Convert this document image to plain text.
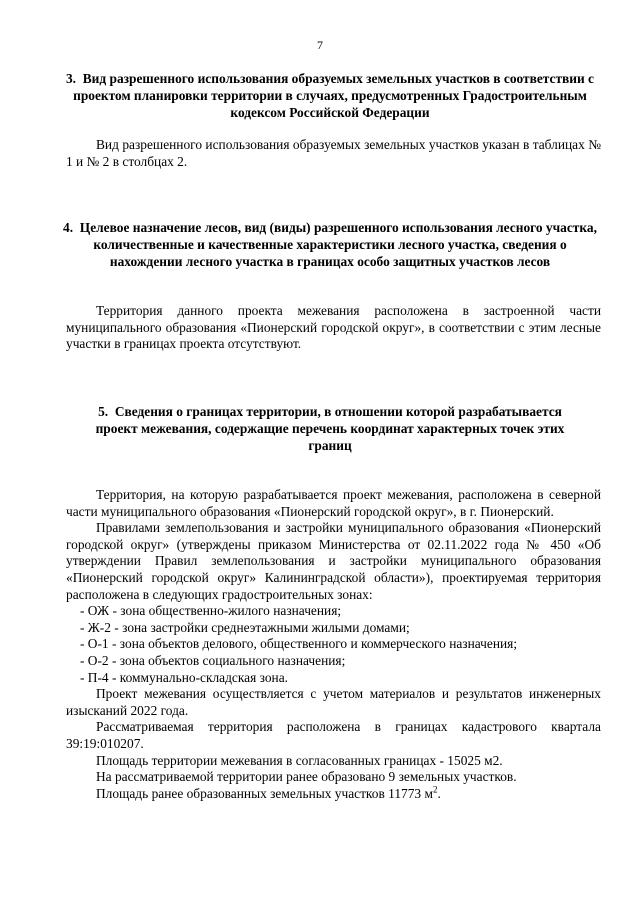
7
3. Вид разрешенного использования образуемых земельных участков в соответствии с проектом планировки территории в случаях, предусмотренных Градостроительным кодексом Российской Федерации

Вид разрешенного использования образуемых земельных участков указан в таблицах № 1 и № 2 в столбцах 2.

4. Целевое назначение лесов, вид (виды) разрешенного использования лесного участка, количественные и качественные характеристики лесного участка, сведения о нахождении лесного участка в границах особо защитных участков лесов

Территория данного проекта межевания расположена в застроенной части муниципального образования «Пионерский городской округ», в соответствии с этим лесные участки в границах проекта отсутствуют.

5. Сведения о границах территории, в отношении которой разрабатывается проект межевания, содержащие перечень координат характерных точек этих границ

Территория, на которую разрабатывается проект межевания, расположена в северной части муниципального образования «Пионерский городской округ», в г. Пионерский.

Правилами землепользования и застройки муниципального образования «Пионерский городской округ» (утверждены приказом Министерства от 02.11.2022 года № 450 «Об утверждении Правил землепользования и застройки муниципального образования «Пионерский городской округ» Калининградской области»), проектируемая территория расположена в следующих градостроительных зонах:

- ОЖ - зона общественно-жилого назначения;
- Ж-2 - зона застройки среднеэтажными жилыми домами;
- О-1 - зона объектов делового, общественного и коммерческого назначения;
- О-2 - зона объектов социального назначения;
- П-4 - коммунально-складская зона.

Проект межевания осуществляется с учетом материалов и результатов инженерных изысканий 2022 года.

Рассматриваемая территория расположена в границах кадастрового квартала 39:19:010207.

Площадь территории межевания в согласованных границах - 15025 м2.

На рассматриваемой территории ранее образовано 9 земельных участков.

Площадь ранее образованных земельных участков 11773 $м^2$.
